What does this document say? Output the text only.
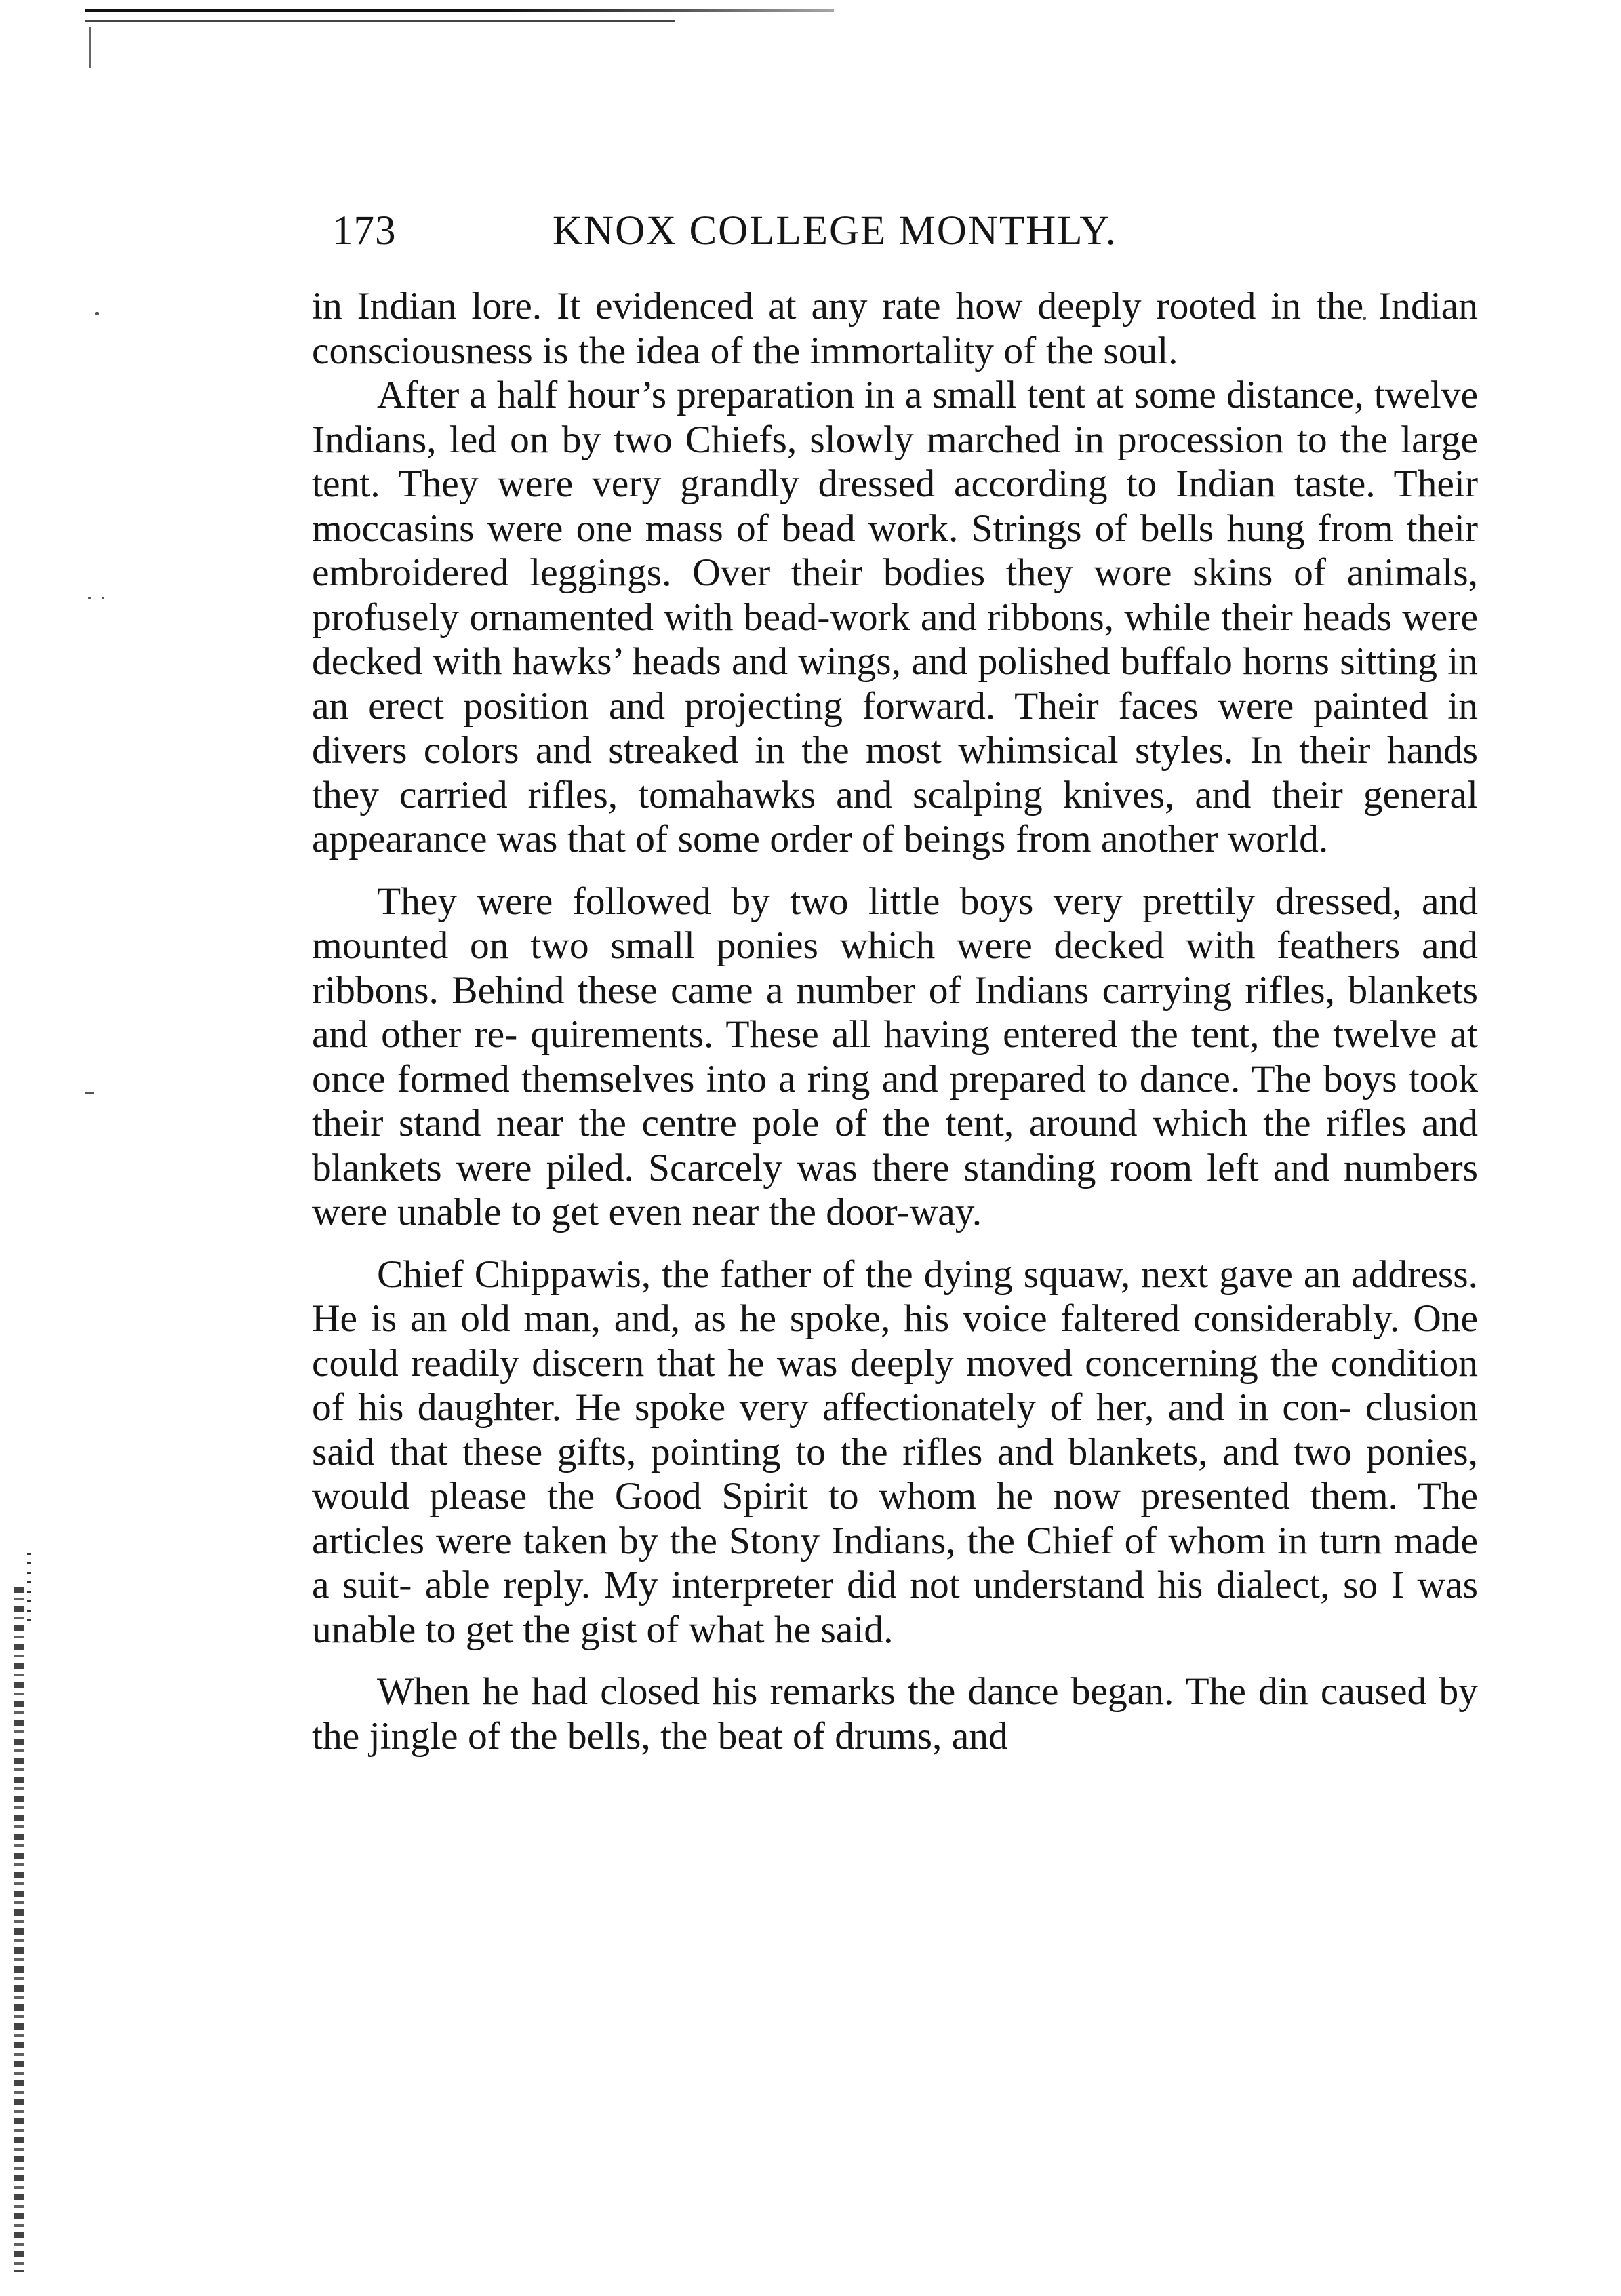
173	KNOX COLLEGE MONTHLY.

in Indian lore. It evidenced at any rate how deeply rooted in the Indian consciousness is the idea of the immortality of the soul.

After a half hour’s preparation in a small tent at some distance, twelve Indians, led on by two Chiefs, slowly marched in procession to the large tent. They were very grandly dressed according to Indian taste. Their moccasins were one mass of bead work. Strings of bells hung from their embroidered leggings. Over their bodies they wore skins of animals, profusely ornamented with bead-work and ribbons, while their heads were decked with hawks’ heads and wings, and polished buffalo horns sitting in an erect position and projecting forward. Their faces were painted in divers colors and streaked in the most whimsical styles. In their hands they carried rifles, tomahawks and scalping knives, and their general appearance was that of some order of beings from another world.

They were followed by two little boys very prettily dressed, and mounted on two small ponies which were decked with feathers and ribbons. Behind these came a number of Indians carrying rifles, blankets and other re- quirements. These all having entered the tent, the twelve at once formed themselves into a ring and prepared to dance. The boys took their stand near the centre pole of the tent, around which the rifles and blankets were piled. Scarcely was there standing room left and numbers were unable to get even near the door-way.

Chief Chippawis, the father of the dying squaw, next gave an address. He is an old man, and, as he spoke, his voice faltered considerably. One could readily discern that he was deeply moved concerning the condition of his daughter. He spoke very affectionately of her, and in con- clusion said that these gifts, pointing to the rifles and blankets, and two ponies, would please the Good Spirit to whom he now presented them. The articles were taken by the Stony Indians, the Chief of whom in turn made a suit- able reply. My interpreter did not understand his dialect, so I was unable to get the gist of what he said.

When he had closed his remarks the dance began. The din caused by the jingle of the bells, the beat of drums, and
